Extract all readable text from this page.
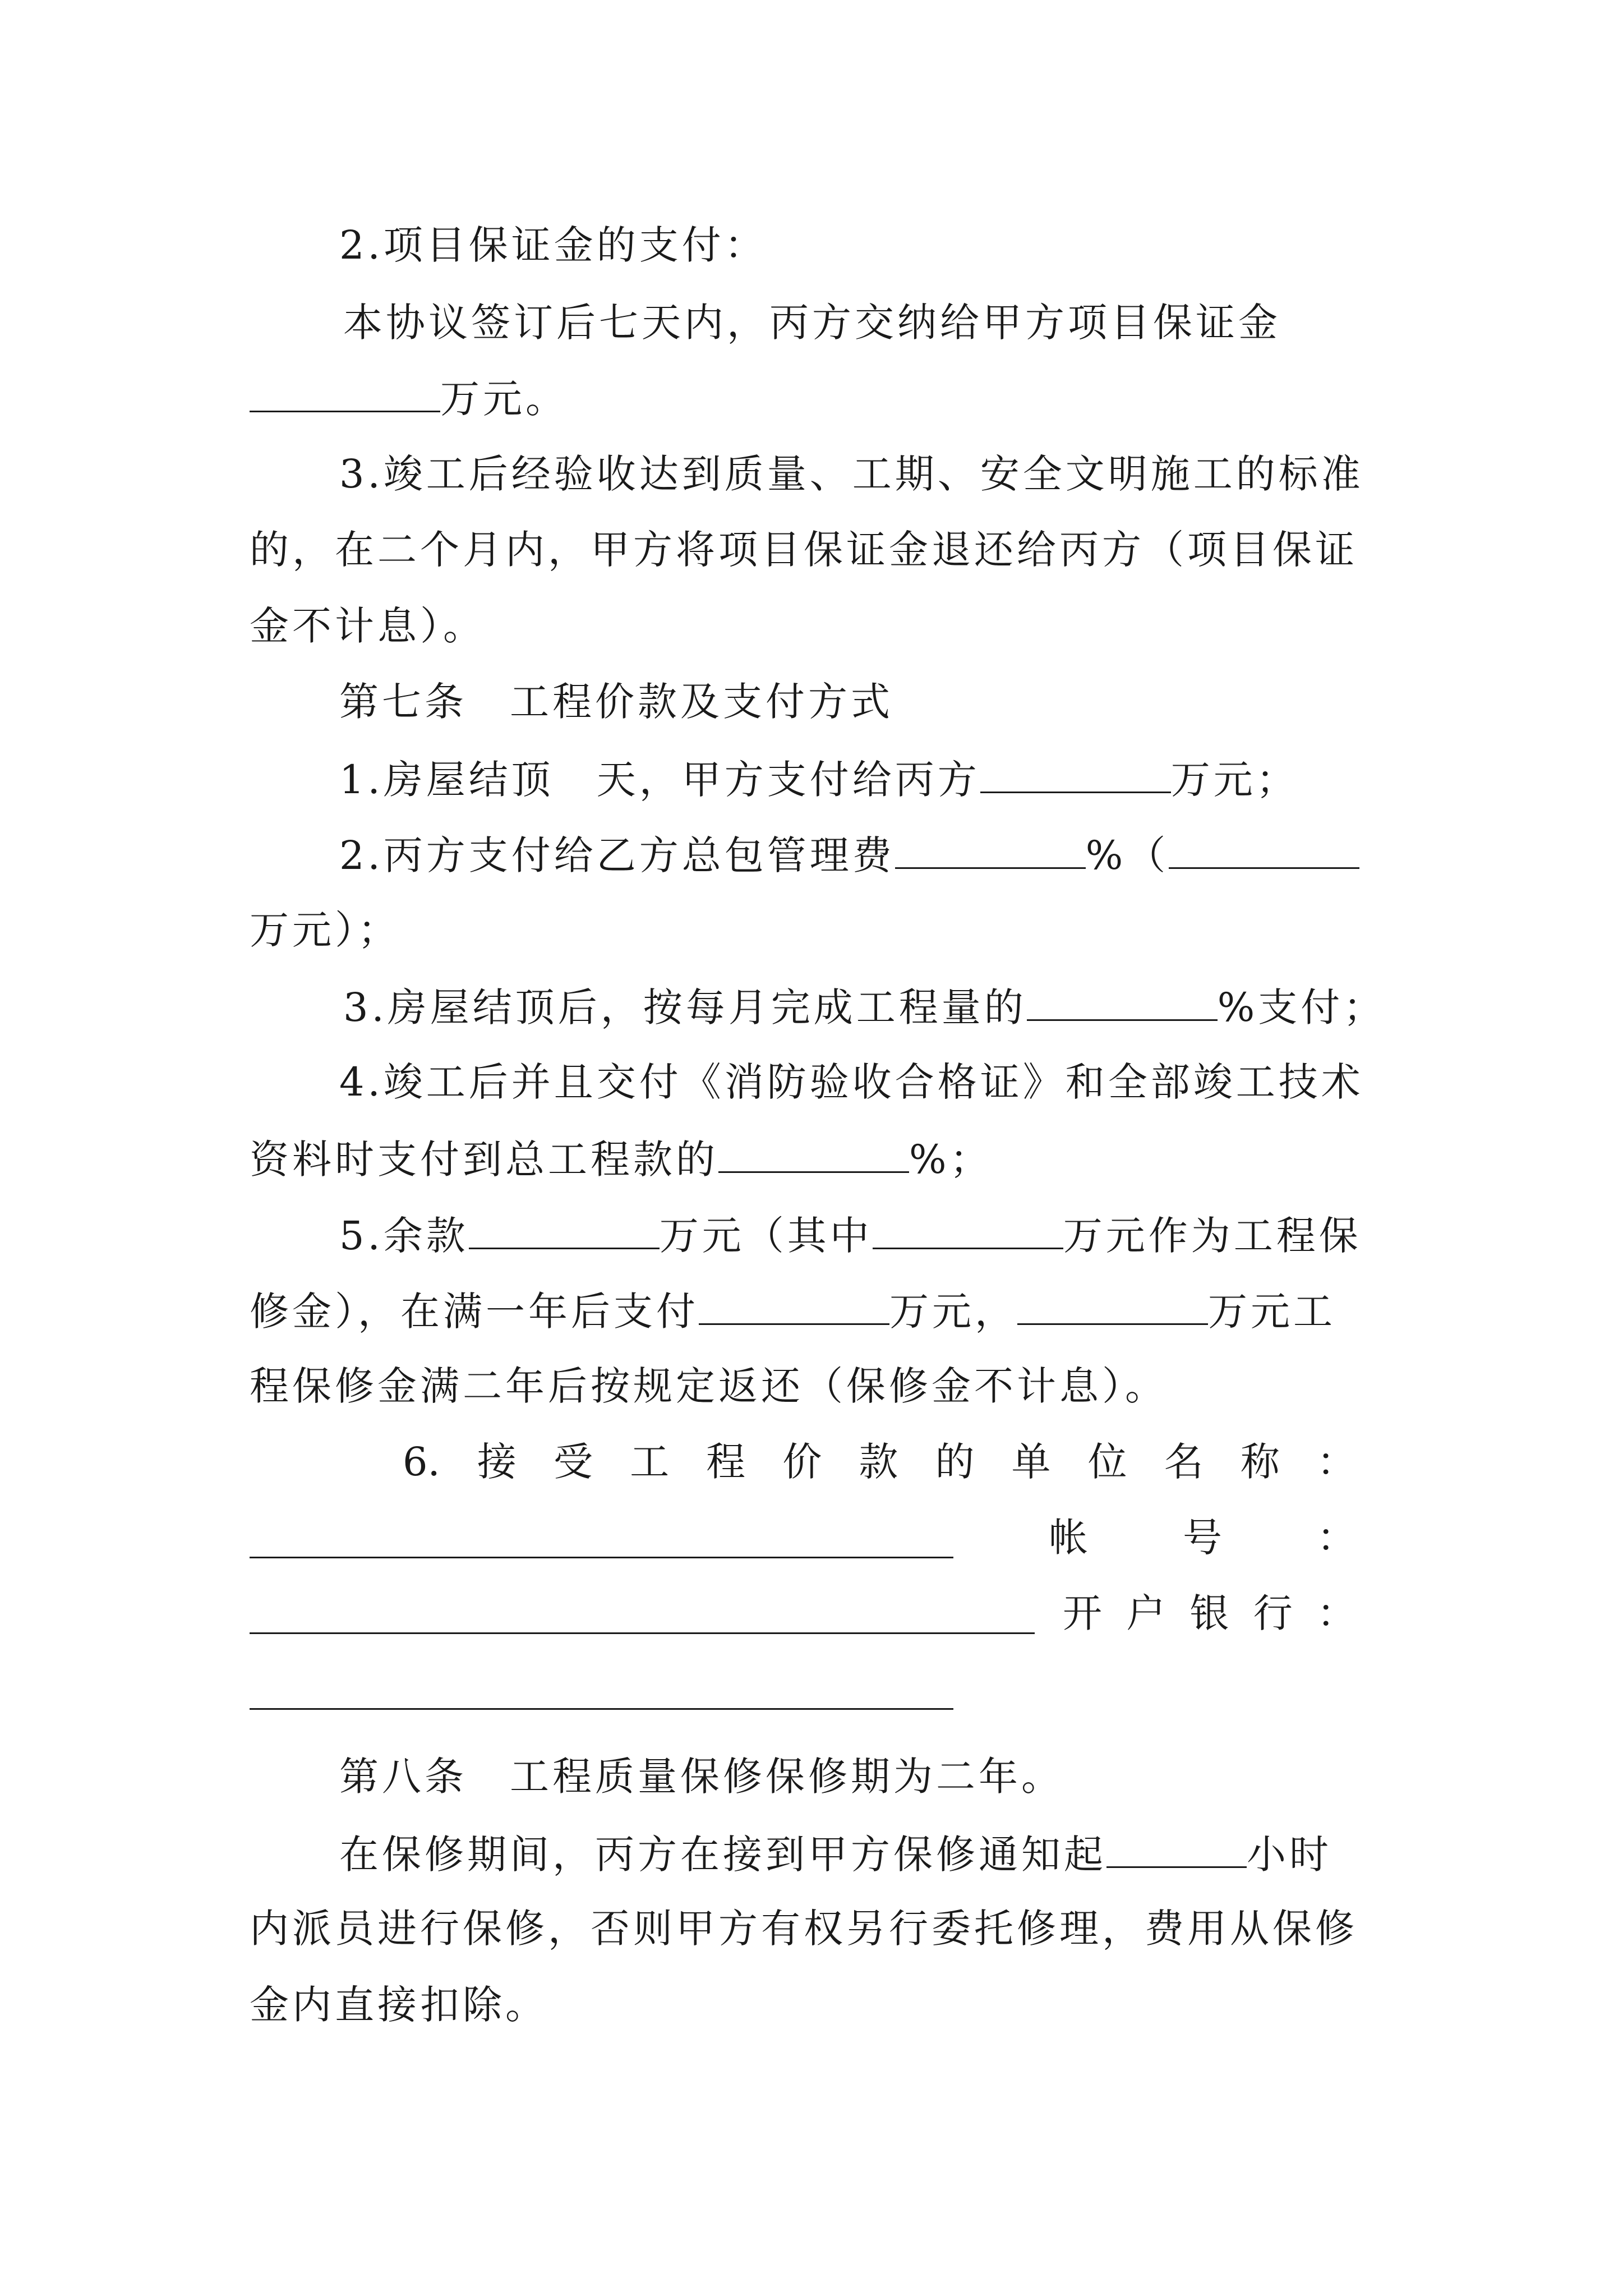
2.项目保证金的支付：
本协议签订后七天内，丙方交纳给甲方项目保证金
万元。
3.竣工后经验收达到质量、工期、安全文明施工的标准
的，在二个月内，甲方将项目保证金退还给丙方（项目保证
金不计息）。
第七条　工程价款及支付方式
1.房屋结顶　天，甲方支付给丙方	万元；
2.丙方支付给乙方总包管理费	%（
万元）；
3.房屋结顶后，按每月完成工程量的	%支付；
4.竣工后并且交付《消防验收合格证》和全部竣工技术
资料时支付到总工程款的	%；
5.余款	万元（其中	万元作为工程保
修金），在满一年后支付	万元，	万元工
程保修金满二年后按规定返还（保修金不计息）。
6. 接 受 工 程 价 款 的 单 位 名 称 ：
帐 号 ：
开 户 银 行 ：
第八条　工程质量保修保修期为二年。
在保修期间，丙方在接到甲方保修通知起	小时
内派员进行保修，否则甲方有权另行委托修理，费用从保修
金内直接扣除。
